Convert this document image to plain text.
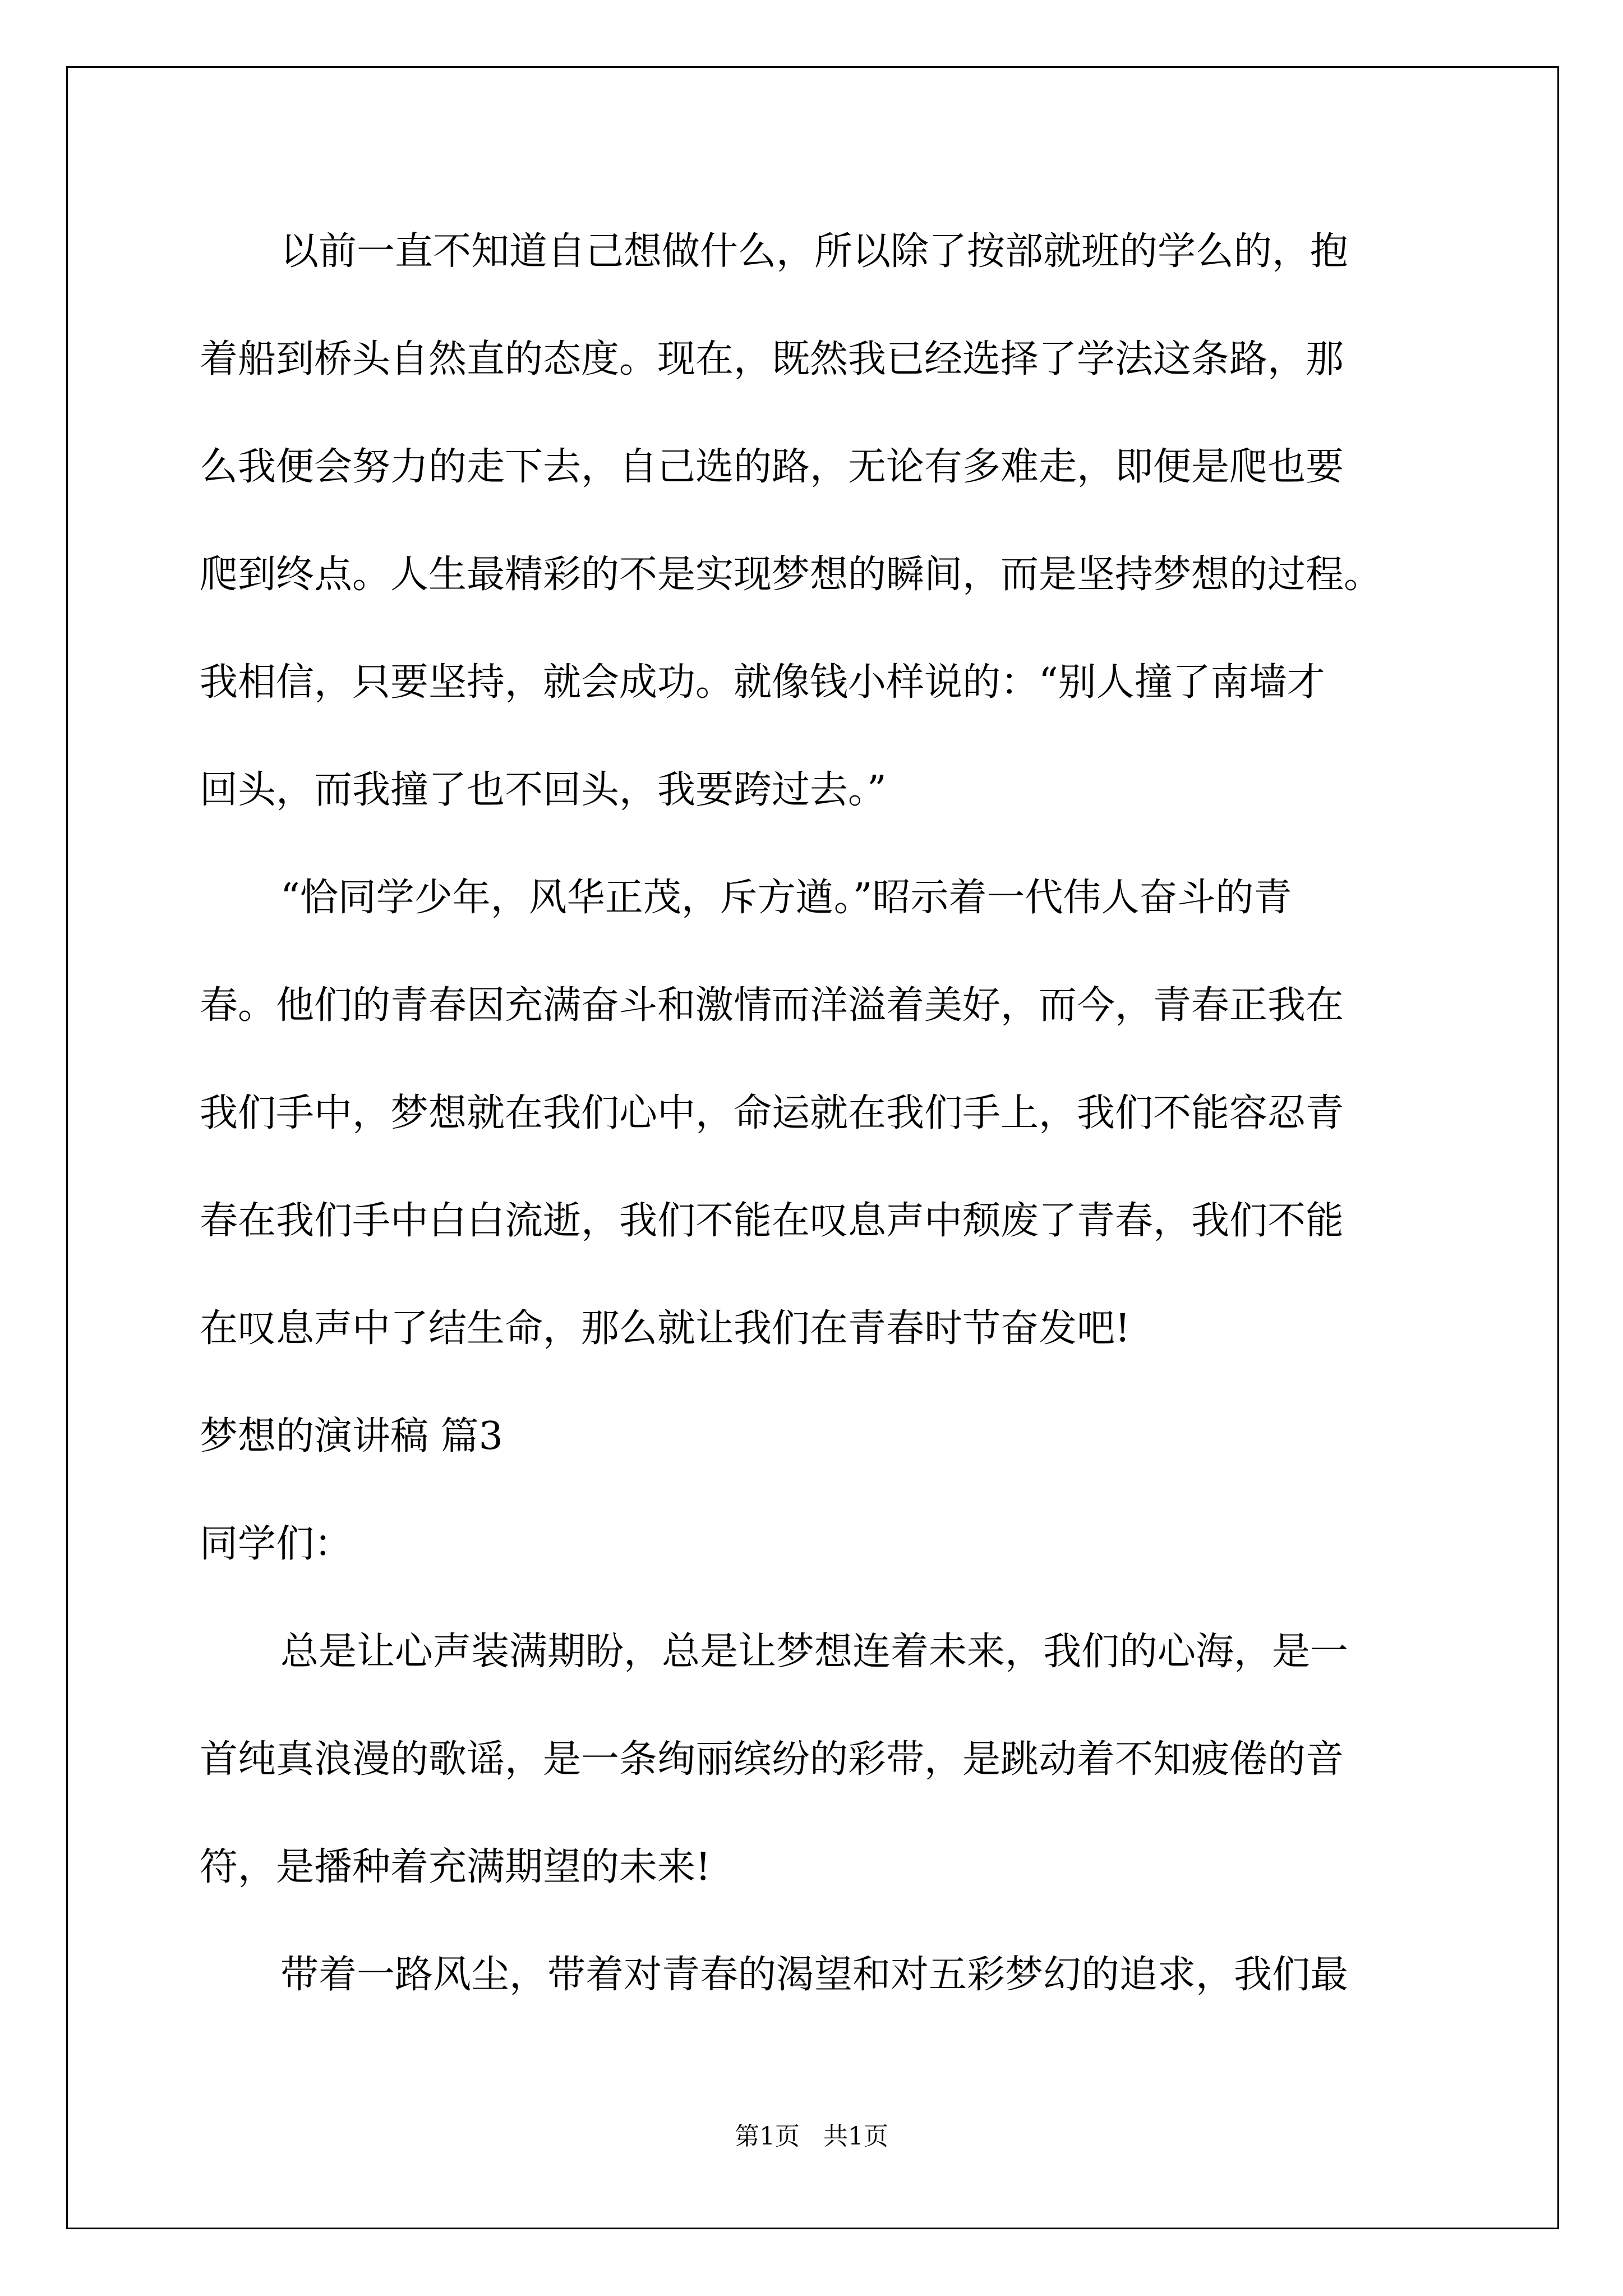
以前一直不知道自己想做什么，所以除了按部就班的学么的，抱
着船到桥头自然直的态度。现在，既然我已经选择了学法这条路，那
么我便会努力的走下去，自己选的路，无论有多难走，即便是爬也要
爬到终点。人生最精彩的不是实现梦想的瞬间，而是坚持梦想的过程。
我相信，只要坚持，就会成功。就像钱小样说的：“别人撞了南墙才
回头，而我撞了也不回头，我要跨过去。”
“恰同学少年，风华正茂，斥方遒。”昭示着一代伟人奋斗的青
春。他们的青春因充满奋斗和激情而洋溢着美好，而今，青春正我在
我们手中，梦想就在我们心中，命运就在我们手上，我们不能容忍青
春在我们手中白白流逝，我们不能在叹息声中颓废了青春，我们不能
在叹息声中了结生命，那么就让我们在青春时节奋发吧!
梦想的演讲稿 篇3
同学们：
总是让心声装满期盼，总是让梦想连着未来，我们的心海，是一
首纯真浪漫的歌谣，是一条绚丽缤纷的彩带，是跳动着不知疲倦的音
符，是播种着充满期望的未来!
带着一路风尘，带着对青春的渴望和对五彩梦幻的追求，我们最
第1页   共1页
